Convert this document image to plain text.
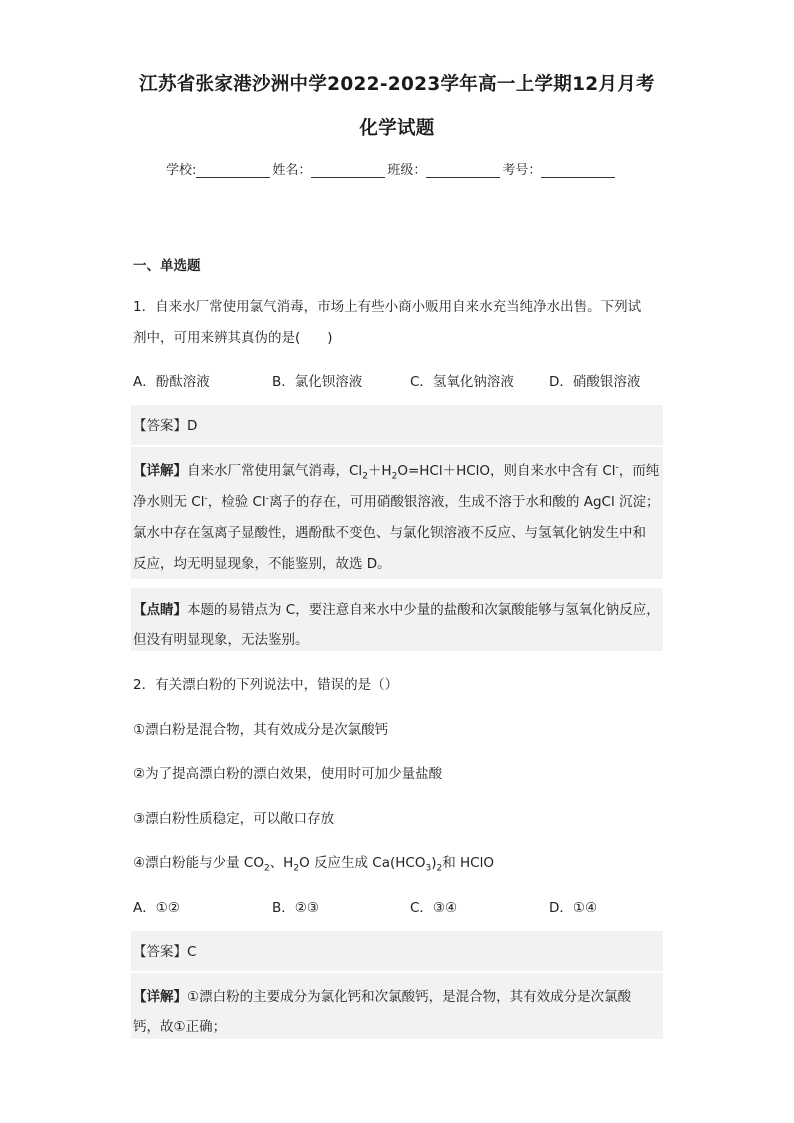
江苏省张家港沙洲中学2022-2023学年高一上学期12月月考
化学试题
学校:	姓名：	班级：	考号：
一、单选题
1．自来水厂常使用氯气消毒，市场上有些小商小贩用自来水充当纯净水出售。下列试
剂中，可用来辨其真伪的是(　　)
A．酚酞溶液	B．氯化钡溶液	C．氢氧化钠溶液	D．硝酸银溶液
【答案】D
【详解】自来水厂常使用氯气消毒，$Cl_2+H_2O=HCl+HClO$，则自来水中含有 Cl-，而纯
净水则无 Cl-，检验 Cl-离子的存在，可用硝酸银溶液，生成不溶于水和酸的 AgCl 沉淀；
氯水中存在氢离子显酸性，遇酚酞不变色、与氯化钡溶液不反应、与氢氧化钠发生中和
反应，均无明显现象，不能鉴别，故选 D。
【点睛】本题的易错点为 C，要注意自来水中少量的盐酸和次氯酸能够与氢氧化钠反应，
但没有明显现象，无法鉴别。
2．有关漂白粉的下列说法中，错误的是（）
①漂白粉是混合物，其有效成分是次氯酸钙
②为了提高漂白粉的漂白效果，使用时可加少量盐酸
③漂白粉性质稳定，可以敞口存放
④漂白粉能与少量 $CO_2$、$H_2O$ 反应生成 $Ca(HCO_3)_2$和 HClO
A．①②	B．②③	C．③④	D．①④
【答案】C
【详解】①漂白粉的主要成分为氯化钙和次氯酸钙，是混合物，其有效成分是次氯酸
钙，故①正确；
